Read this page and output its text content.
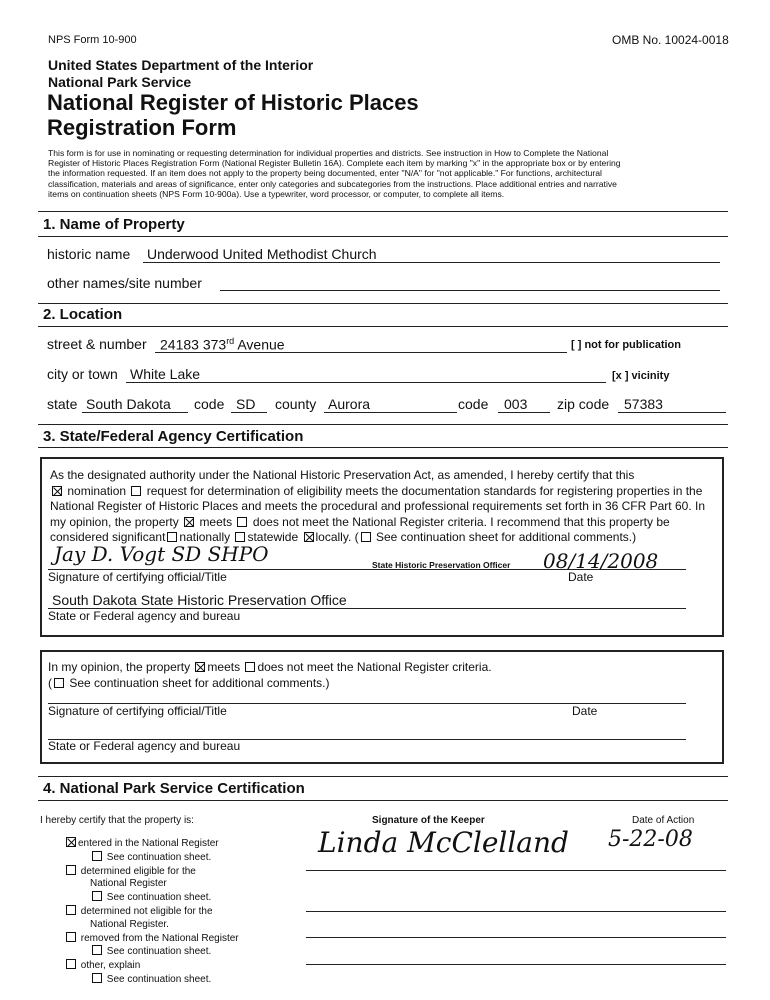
NPS Form 10-900	OMB No. 10024-0018
United States Department of the Interior
National Park Service
National Register of Historic Places
Registration Form
This form is for use in nominating or requesting determination for individual properties and districts. See instruction in How to Complete the National
Register of Historic Places Registration Form (National Register Bulletin 16A). Complete each item by marking "x" in the appropriate box or by entering
the information requested. If an item does not apply to the property being documented, enter "N/A" for "not applicable." For functions, architectural
classification, materials and areas of significance, enter only categories and subcategories from the instructions. Place additional entries and narrative
items on continuation sheets (NPS Form 10-900a). Use a typewriter, word processor, or computer, to complete all items.
1. Name of Property
historic name Underwood United Methodist Church
other names/site number
2. Location
street & number 24183 373rd Avenue	[ ] not for publication
city or town White Lake	[x ] vicinity
state South Dakota code SD county Aurora	code 003 zip code 57383
3. State/Federal Agency Certification
As the designated authority under the National Historic Preservation Act, as amended, I hereby certify that this
nomination request for determination of eligibility meets the documentation standards for registering properties in the
National Register of Historic Places and meets the procedural and professional requirements set forth in 36 CFR Part 60. In
my opinion, the property meets does not meet the National Register criteria. I recommend that this property be
considered significant nationally statewide locally. ( See continuation sheet for additional comments.)
Jay D. Vogt SD SHPO	State Historic Preservation Officer 08/14/2008
Signature of certifying official/Title	Date
South Dakota State Historic Preservation Office
State or Federal agency and bureau
In my opinion, the property meets does not meet the National Register criteria.
( See continuation sheet for additional comments.)
Signature of certifying official/Title	Date
State or Federal agency and bureau
4. National Park Service Certification
I hereby certify that the property is:	Signature of the Keeper	Date of Action
entered in the National Register
See continuation sheet.
determined eligible for the
National Register
See continuation sheet.
determined not eligible for the
National Register.
removed from the National Register
See continuation sheet.
other, explain
See continuation sheet.
Linda McClelland 5-22-08
